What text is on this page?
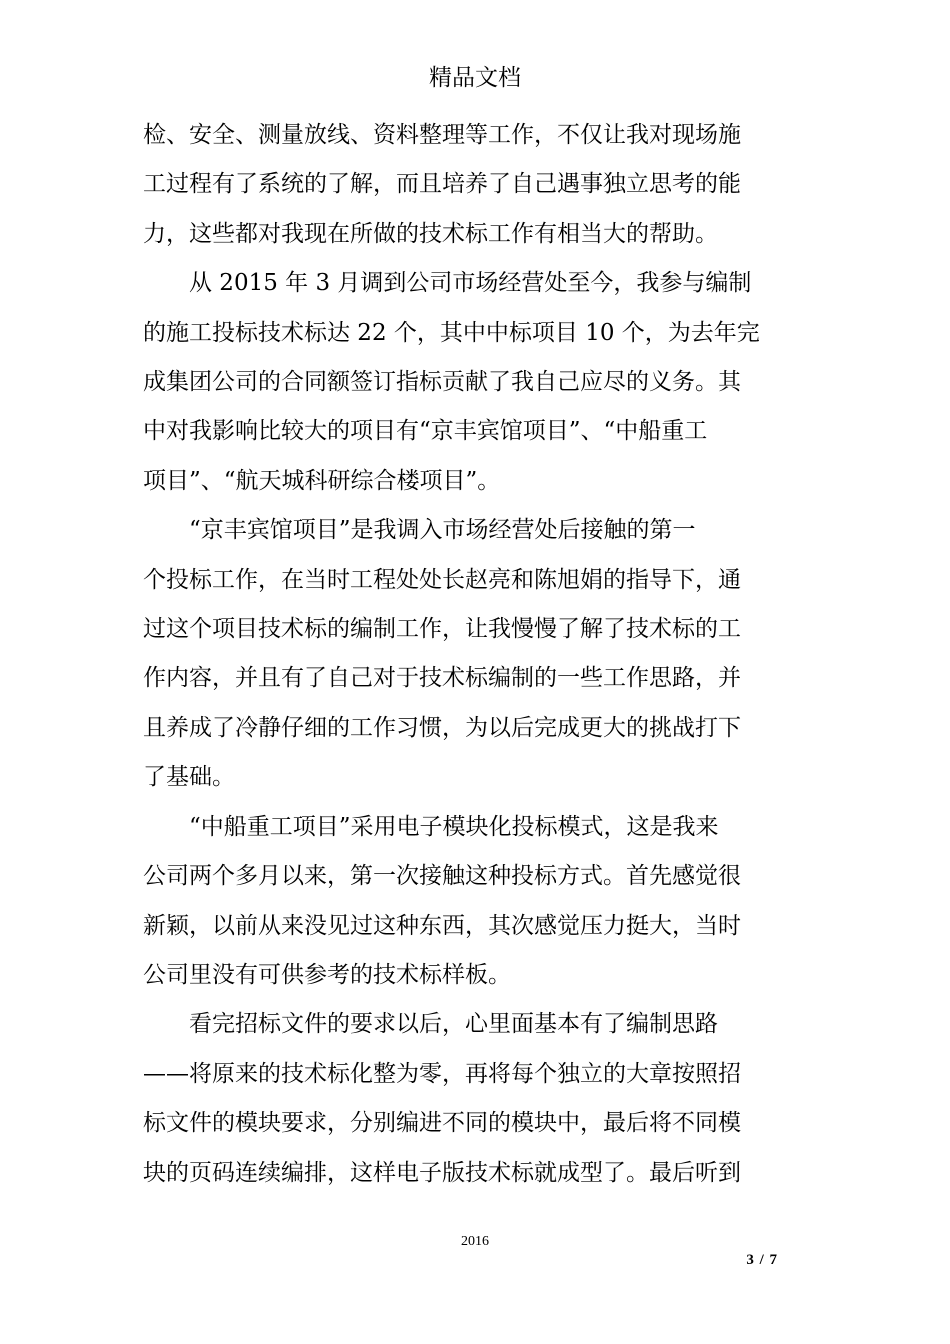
精品文档
检、安全、测量放线、资料整理等工作，不仅让我对现场施
工过程有了系统的了解，而且培养了自己遇事独立思考的能
力，这些都对我现在所做的技术标工作有相当大的帮助。
从 2015 年 3 月调到公司市场经营处至今，我参与编制
的施工投标技术标达 22 个，其中中标项目 10 个，为去年完
成集团公司的合同额签订指标贡献了我自己应尽的义务。其
中对我影响比较大的项目有“京丰宾馆项目”、“中船重工
项目”、“航天城科研综合楼项目”。
“京丰宾馆项目”是我调入市场经营处后接触的第一
个投标工作，在当时工程处处长赵亮和陈旭娟的指导下，通
过这个项目技术标的编制工作，让我慢慢了解了技术标的工
作内容，并且有了自己对于技术标编制的一些工作思路，并
且养成了冷静仔细的工作习惯，为以后完成更大的挑战打下
了基础。
“中船重工项目”采用电子模块化投标模式，这是我来
公司两个多月以来，第一次接触这种投标方式。首先感觉很
新颖，以前从来没见过这种东西，其次感觉压力挺大，当时
公司里没有可供参考的技术标样板。
看完招标文件的要求以后，心里面基本有了编制思路
——将原来的技术标化整为零，再将每个独立的大章按照招
标文件的模块要求，分别编进不同的模块中，最后将不同模
块的页码连续编排，这样电子版技术标就成型了。最后听到
2016
3 / 7
